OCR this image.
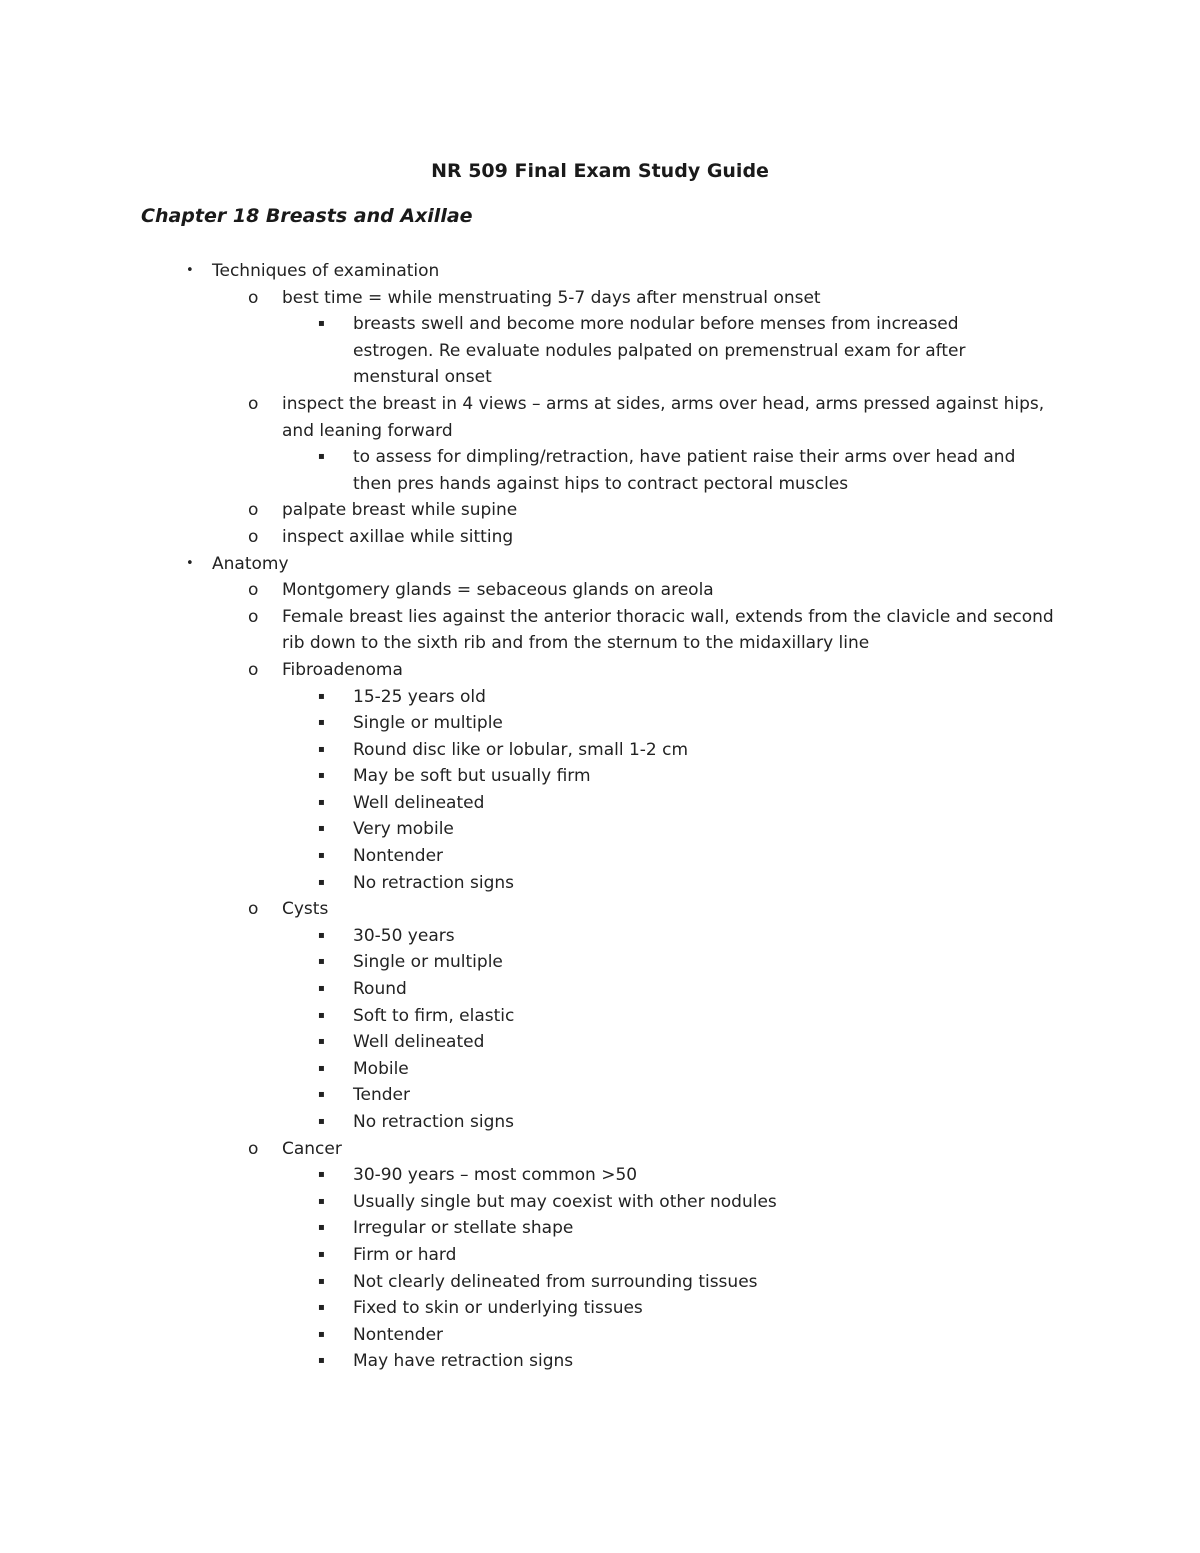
NR 509 Final Exam Study Guide
Chapter 18 Breasts and Axillae
• Techniques of examination
o best time = while menstruating 5-7 days after menstrual onset
▪ breasts swell and become more nodular before menses from increased estrogen. Re evaluate nodules palpated on premenstrual exam for after menstural onset
o inspect the breast in 4 views – arms at sides, arms over head, arms pressed against hips, and leaning forward
▪ to assess for dimpling/retraction, have patient raise their arms over head and then pres hands against hips to contract pectoral muscles
o palpate breast while supine
o inspect axillae while sitting
• Anatomy
o Montgomery glands = sebaceous glands on areola
o Female breast lies against the anterior thoracic wall, extends from the clavicle and second rib down to the sixth rib and from the sternum to the midaxillary line
o Fibroadenoma
▪ 15-25 years old
▪ Single or multiple
▪ Round disc like or lobular, small 1-2 cm
▪ May be soft but usually firm
▪ Well delineated
▪ Very mobile
▪ Nontender
▪ No retraction signs
o Cysts
▪ 30-50 years
▪ Single or multiple
▪ Round
▪ Soft to firm, elastic
▪ Well delineated
▪ Mobile
▪ Tender
▪ No retraction signs
o Cancer
▪ 30-90 years – most common >50
▪ Usually single but may coexist with other nodules
▪ Irregular or stellate shape
▪ Firm or hard
▪ Not clearly delineated from surrounding tissues
▪ Fixed to skin or underlying tissues
▪ Nontender
▪ May have retraction signs
